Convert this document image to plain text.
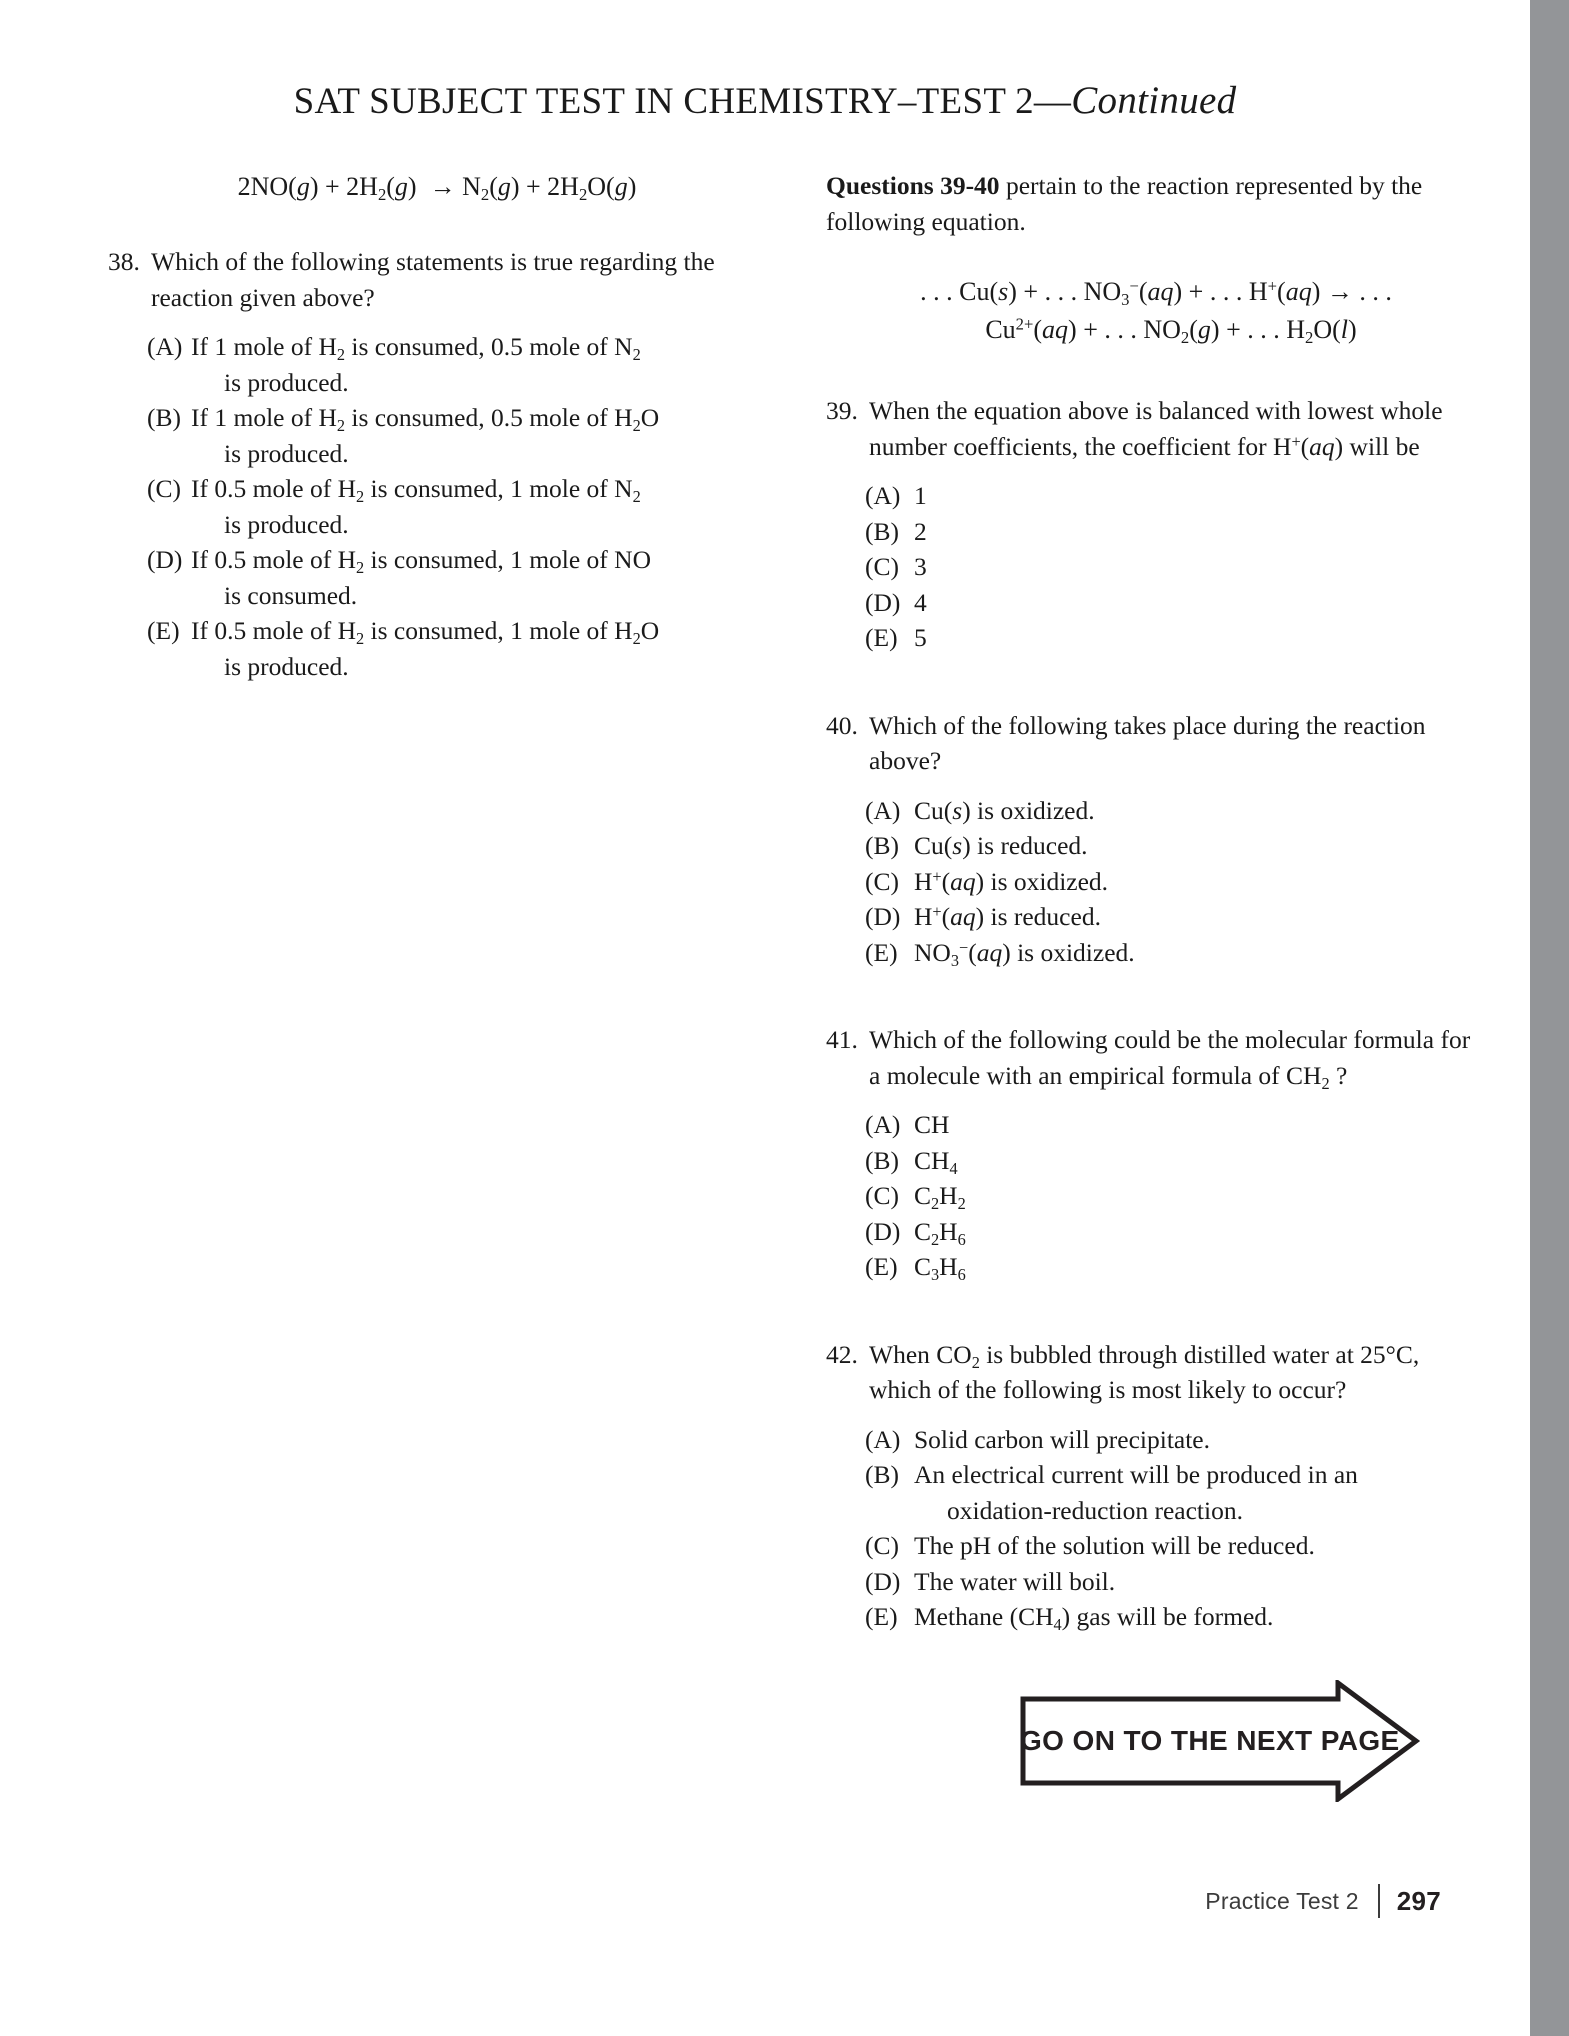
SAT SUBJECT TEST IN CHEMISTRY–TEST 2—Continued
$2NO(g) + 2H_2(g) \to N_2(g) + 2H_2O(g)$
38. Which of the following statements is true regarding the reaction given above?
(A) If 1 mole of $H_2$ is consumed, 0.5 mole of $N_2$
is produced.
(B) If 1 mole of $H_2$ is consumed, 0.5 mole of $H_2O$
is produced.
(C) If 0.5 mole of $H_2$ is consumed, 1 mole of $N_2$
is produced.
(D) If 0.5 mole of $H_2$ is consumed, 1 mole of NO
is consumed.
(E) If 0.5 mole of $H_2$ is consumed, 1 mole of $H_2O$
is produced.

Questions 39-40 pertain to the reaction represented by the following equation.

. . . Cu(s) + . . . $NO_3^-(aq)$ + . . . H+(aq) → . . .
$Cu^{2+}(aq)$ + . . . $NO_2(g)$ + . . . $H_2O(l)$
39. When the equation above is balanced with lowest whole number coefficients, the coefficient for H+(aq) will be
(A) 1
(B) 2
(C) 3
(D) 4
(E) 5
40. Which of the following takes place during the reaction above?
(A) Cu(s) is oxidized.
(B) Cu(s) is reduced.
(C) H+(aq) is oxidized.
(D) H+(aq) is reduced.
(E) $NO_3^-(aq)$ is oxidized.
41. Which of the following could be the molecular formula for a molecule with an empirical formula of $CH_2$ ?
(A) CH
(B) $CH_4$
(C) $C_2H_2$
(D) $C_2H_6$
(E) $C_3H_6$
42. When $CO_2$ is bubbled through distilled water at 25°C, which of the following is most likely to occur?
(A) Solid carbon will precipitate.
(B) An electrical current will be produced in an
oxidation-reduction reaction.
(C) The pH of the solution will be reduced.
(D) The water will boil.
(E) Methane $(CH_4)$ gas will be formed.
GO ON TO THE NEXT PAGE
Practice Test 2 297
